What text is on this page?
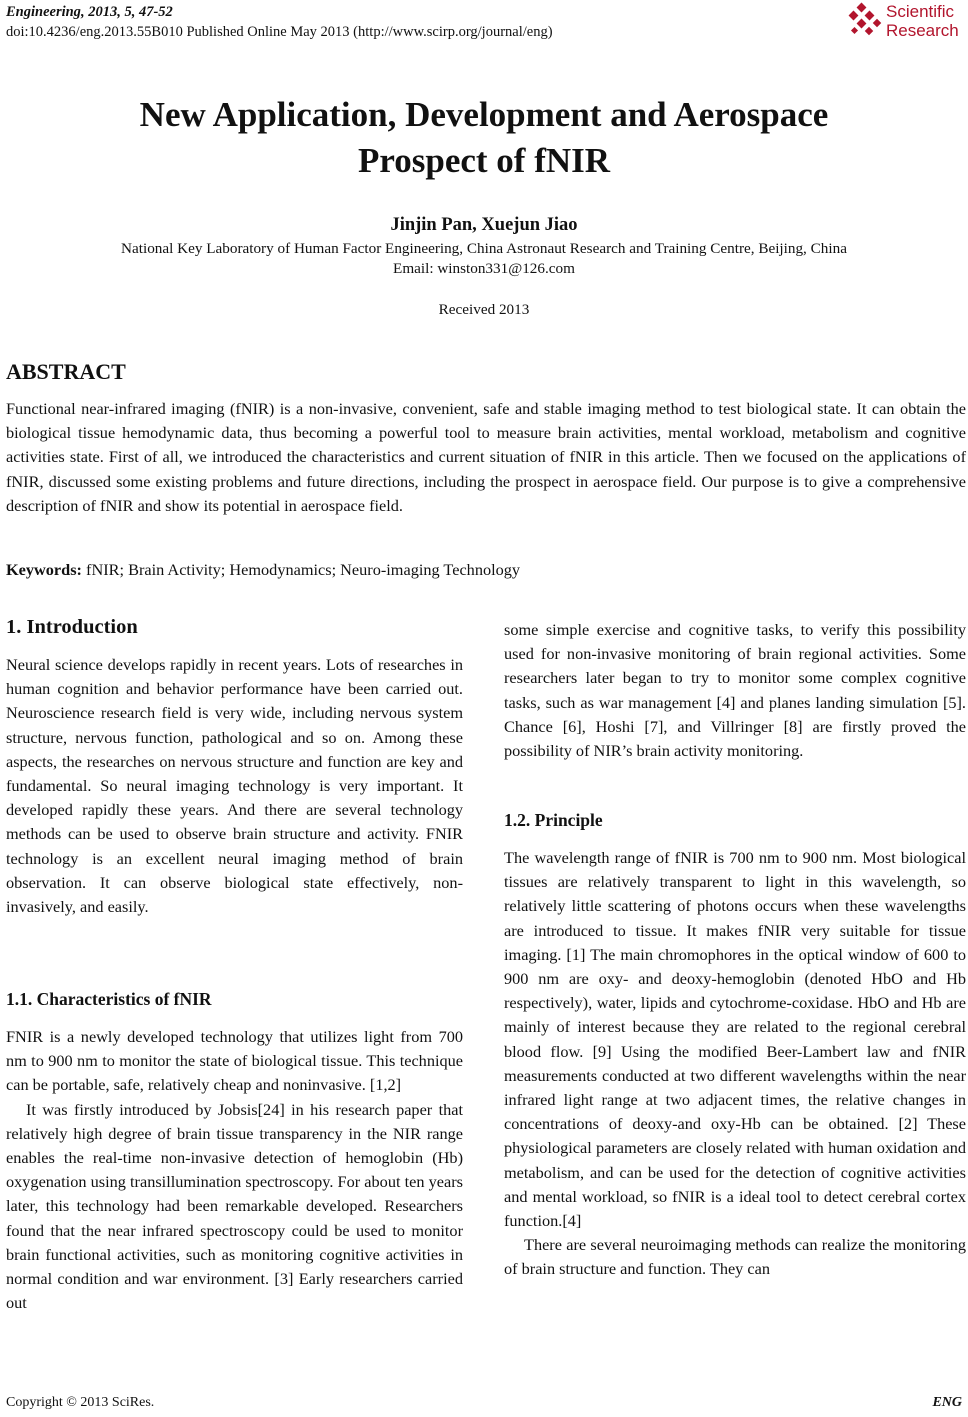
Engineering, 2013, 5, 47-52
doi:10.4236/eng.2013.55B010 Published Online May 2013 (http://www.scirp.org/journal/eng)
Scientific
Research
New Application, Development and Aerospace
Prospect of fNIR
Jinjin Pan, Xuejun Jiao
National Key Laboratory of Human Factor Engineering, China Astronaut Research and Training Centre, Beijing, China
Email: winston331@126.com
Received 2013
ABSTRACT
Functional near-infrared imaging (fNIR) is a non-invasive, convenient, safe and stable imaging method to test biological state. It can obtain the biological tissue hemodynamic data, thus becoming a powerful tool to measure brain activities, mental workload, metabolism and cognitive activities state. First of all, we introduced the characteristics and current situation of fNIR in this article. Then we focused on the applications of fNIR, discussed some existing problems and future directions, including the prospect in aerospace field. Our purpose is to give a comprehensive description of fNIR and show its potential in aerospace field.
Keywords: fNIR; Brain Activity; Hemodynamics; Neuro-imaging Technology
1. Introduction
Neural science develops rapidly in recent years. Lots of researches in human cognition and behavior performance have been carried out. Neuroscience research field is very wide, including nervous system structure, nervous function, pathological and so on. Among these aspects, the researches on nervous structure and function are key and fundamental. So neural imaging technology is very important. It developed rapidly these years. And there are several technology methods can be used to observe brain structure and activity. FNIR technology is an excellent neural imaging method of brain observation. It can observe biological state effectively, non-invasively, and easily.
1.1. Characteristics of fNIR

FNIR is a newly developed technology that utilizes light from 700 nm to 900 nm to monitor the state of biological tissue. This technique can be portable, safe, relatively cheap and noninvasive. [1,2]

It was firstly introduced by Jobsis[24] in his research paper that relatively high degree of brain tissue transparency in the NIR range enables the real-time non-invasive detection of hemoglobin (Hb) oxygenation using transillumination spectroscopy. For about ten years later, this technology had been remarkable developed. Researchers found that the near infrared spectroscopy could be used to monitor brain functional activities, such as monitoring cognitive activities in normal condition and war environment. [3] Early researchers carried out

some simple exercise and cognitive tasks, to verify this possibility used for non-invasive monitoring of brain regional activities. Some researchers later began to try to monitor some complex cognitive tasks, such as war management [4] and planes landing simulation [5]. Chance [6], Hoshi [7], and Villringer [8] are firstly proved the possibility of NIR’s brain activity monitoring.
1.2. Principle

The wavelength range of fNIR is 700 nm to 900 nm. Most biological tissues are relatively transparent to light in this wavelength, so relatively little scattering of photons occurs when these wavelengths are introduced to tissue. It makes fNIR very suitable for tissue imaging. [1] The main chromophores in the optical window of 600 to 900 nm are oxy- and deoxy-hemoglobin (denoted HbO and Hb respectively), water, lipids and cytochrome-coxidase. HbO and Hb are mainly of interest because they are related to the regional cerebral blood flow. [9] Using the modified Beer-Lambert law and fNIR measurements conducted at two different wavelengths within the near infrared light range at two adjacent times, the relative changes in concentrations of deoxy-and oxy-Hb can be obtained. [2] These physiological parameters are closely related with human oxidation and metabolism, and can be used for the detection of cognitive activities and mental workload, so fNIR is a ideal tool to detect cerebral cortex function.[4]

There are several neuroimaging methods can realize the monitoring of brain structure and function. They can

Copyright © 2013 SciRes.	ENG
